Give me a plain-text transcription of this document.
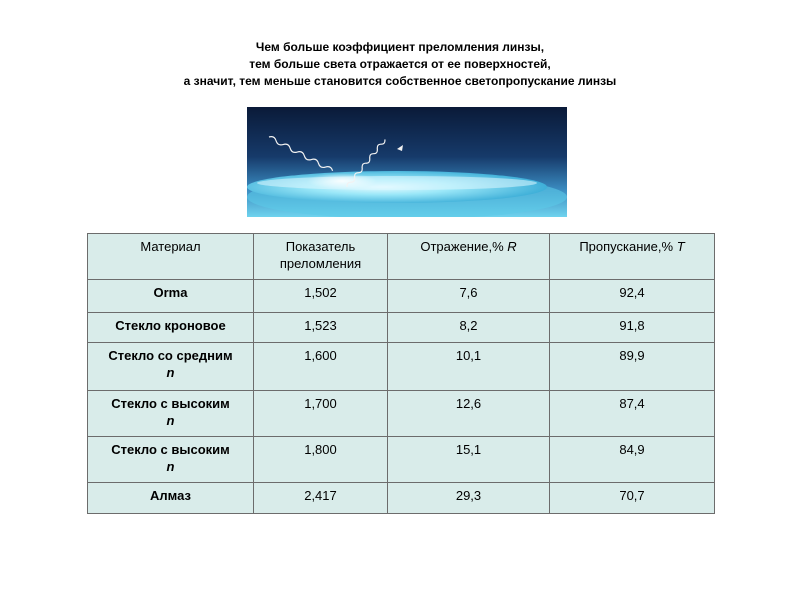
Чем больше коэффициент преломления линзы,
тем больше света отражается от ее поверхностей,
а значит, тем меньше становится собственное светопропускание линзы
Материал	Показатель преломления	Отражение,% R	Пропускание,% T
Orma	1,502	7,6	92,4
Стекло кроновое	1,523	8,2	91,8
Стекло со средним
n	1,600	10,1	89,9
Стекло с высоким
n	1,700	12,6	87,4
Стекло с высоким
n	1,800	15,1	84,9
Алмаз	2,417	29,3	70,7
